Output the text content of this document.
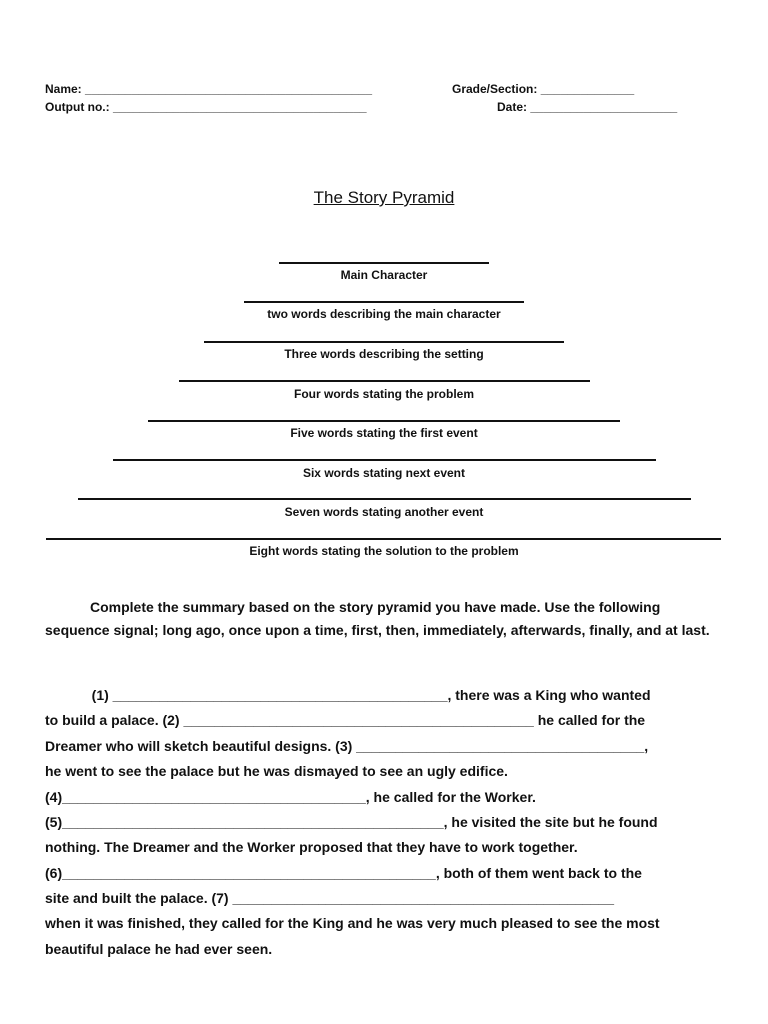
Name: ___________________________________________
Output no.: ______________________________________
Grade/Section: ______________
Date: ______________________
The Story Pyramid
Main Character
two words describing the main character
Three words describing the setting
Four words stating the problem
Five words stating the first event
Six words stating next event
Seven words stating another event
Eight words stating the solution to the problem

Complete the summary based on the story pyramid you have made. Use the following sequence signal; long ago, once upon a time, first, then, immediately, afterwards, finally, and at last.

(1) ___________________________________________, there was a King who wanted
to build a palace. (2) _____________________________________________ he called for the
Dreamer who will sketch beautiful designs. (3) _____________________________________,
he went to see the palace but he was dismayed to see an ugly edifice.
(4)_______________________________________, he called for the Worker.
(5)_________________________________________________, he visited the site but he found
nothing. The Dreamer and the Worker proposed that they have to work together.
(6)________________________________________________, both of them went back to the
site and built the palace. (7) _________________________________________________
when it was finished, they called for the King and he was very much pleased to see the most
beautiful palace he had ever seen.
